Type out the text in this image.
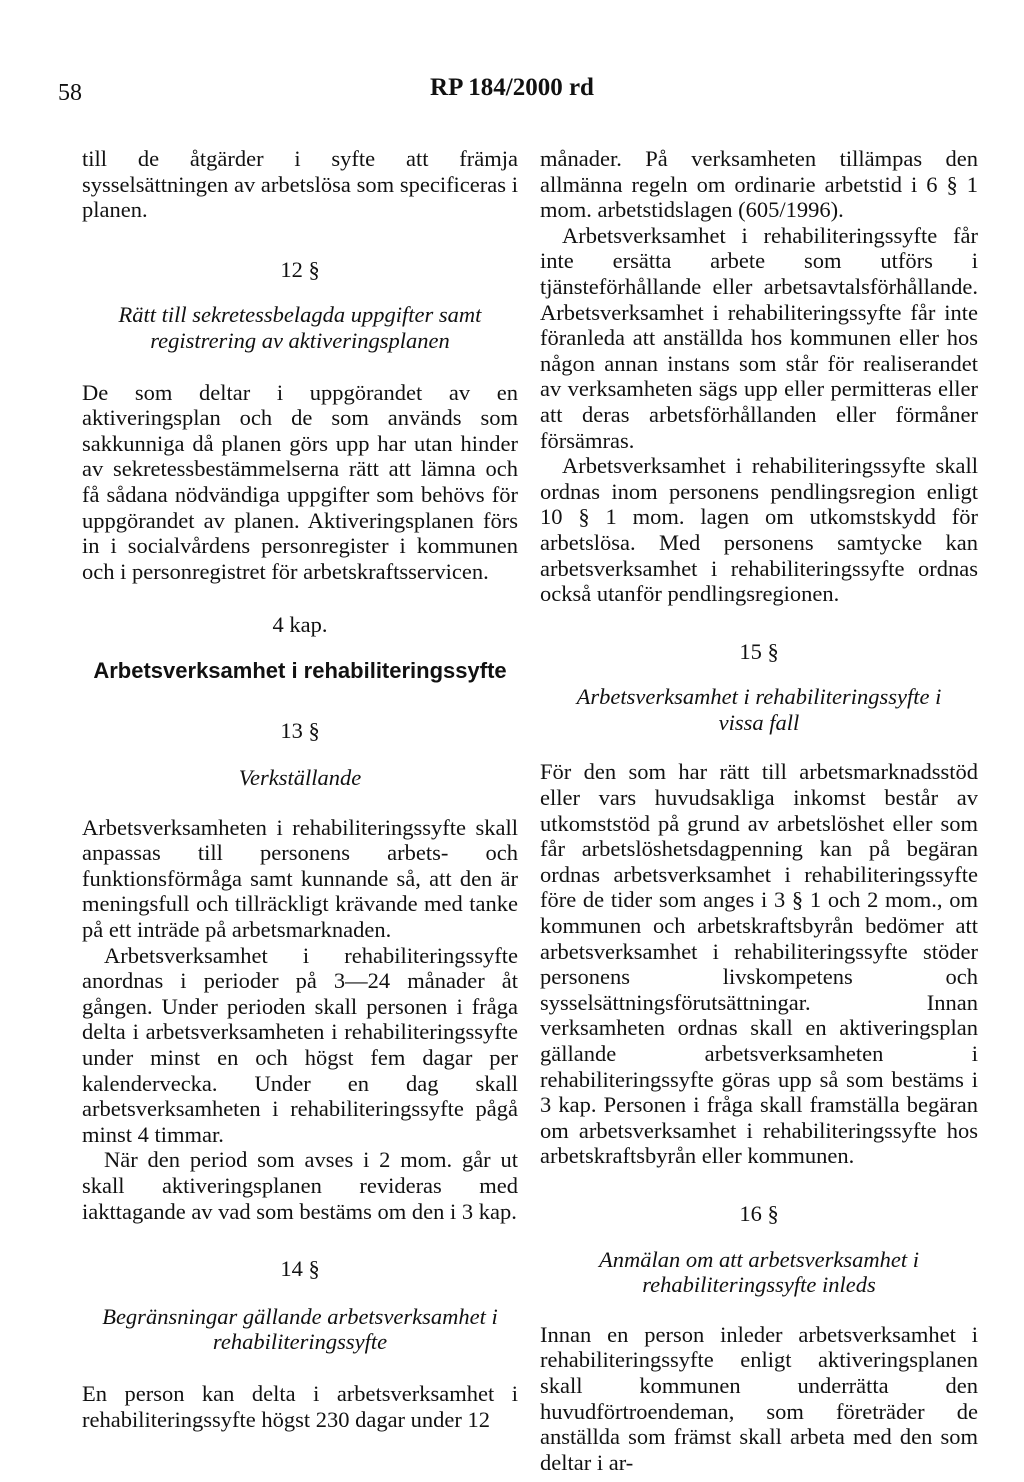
58	RP 184/2000 rd

till de åtgärder i syfte att främja sysselsättningen av arbetslösa som specificeras i planen.

12 §

Rätt till sekretessbelagda uppgifter samt registrering av aktiveringsplanen

De som deltar i uppgörandet av en aktiveringsplan och de som används som sakkunniga då planen görs upp har utan hinder av sekretessbestämmelserna rätt att lämna och få sådana nödvändiga uppgifter som behövs för uppgörandet av planen. Aktiveringsplanen förs in i socialvårdens personregister i kommunen och i personregistret för arbetskraftsservicen.

4 kap.

Arbetsverksamhet i rehabiliteringssyfte

13 §

Verkställande

Arbetsverksamheten i rehabiliteringssyfte skall anpassas till personens arbets- och funktionsförmåga samt kunnande så, att den är meningsfull och tillräckligt krävande med tanke på ett inträde på arbetsmarknaden.

Arbetsverksamhet i rehabiliteringssyfte anordnas i perioder på 3—24 månader åt gången. Under perioden skall personen i fråga delta i arbetsverksamheten i rehabiliteringssyfte under minst en och högst fem dagar per kalendervecka. Under en dag skall arbetsverksamheten i rehabiliteringssyfte pågå minst 4 timmar.

När den period som avses i 2 mom. går ut skall aktiveringsplanen revideras med iakttagande av vad som bestäms om den i 3 kap.

14 §

Begränsningar gällande arbetsverksamhet i rehabiliteringssyfte

En person kan delta i arbetsverksamhet i rehabiliteringssyfte högst 230 dagar under 12

månader. På verksamheten tillämpas den allmänna regeln om ordinarie arbetstid i 6 § 1 mom. arbetstidslagen (605/1996).

Arbetsverksamhet i rehabiliteringssyfte får inte ersätta arbete som utförs i tjänsteförhållande eller arbetsavtalsförhållande. Arbetsverksamhet i rehabiliteringssyfte får inte föranleda att anställda hos kommunen eller hos någon annan instans som står för realiserandet av verksamheten sägs upp eller permitteras eller att deras arbetsförhållanden eller förmåner försämras.

Arbetsverksamhet i rehabiliteringssyfte skall ordnas inom personens pendlingsregion enligt 10 § 1 mom. lagen om utkomstskydd för arbetslösa. Med personens samtycke kan arbetsverksamhet i rehabiliteringssyfte ordnas också utanför pendlingsregionen.

15 §

Arbetsverksamhet i rehabiliteringssyfte i vissa fall

För den som har rätt till arbetsmarknadsstöd eller vars huvudsakliga inkomst består av utkomststöd på grund av arbetslöshet eller som får arbetslöshetsdagpenning kan på begäran ordnas arbetsverksamhet i rehabiliteringssyfte före de tider som anges i 3 § 1 och 2 mom., om kommunen och arbetskraftsbyrån bedömer att arbetsverksamhet i rehabiliteringssyfte stöder personens livskompetens och sysselsättningsförutsättningar. Innan verksamheten ordnas skall en aktiveringsplan gällande arbetsverksamheten i rehabiliteringssyfte göras upp så som bestäms i 3 kap. Personen i fråga skall framställa begäran om arbetsverksamhet i rehabiliteringssyfte hos arbetskraftsbyrån eller kommunen.

16 §

Anmälan om att arbetsverksamhet i rehabiliteringssyfte inleds

Innan en person inleder arbetsverksamhet i rehabiliteringssyfte enligt aktiveringsplanen skall kommunen underrätta den huvudförtroendeman, som företräder de anställda som främst skall arbeta med den som deltar i ar-
